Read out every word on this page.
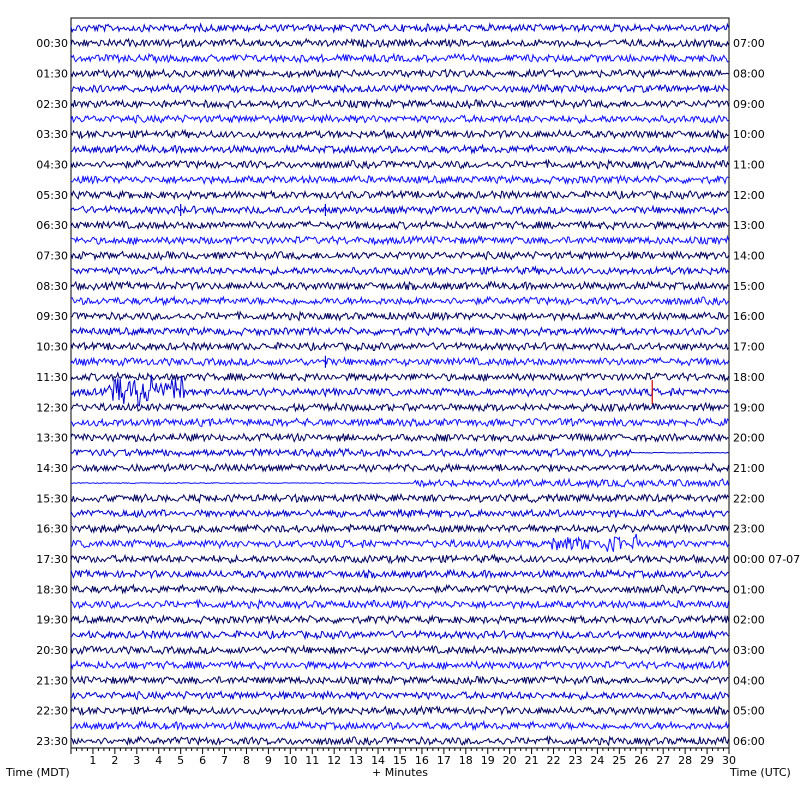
00:30
01:30
02:30
03:30
04:30
05:30
06:30
07:30
08:30
09:30
10:30
11:30
12:30
13:30
14:30
15:30
16:30
17:30
18:30
19:30
20:30
21:30
22:30
23:30
07:00
08:00
09:00
10:00
11:00
12:00
13:00
14:00
15:00
16:00
17:00
18:00
19:00
20:00
21:00
22:00
23:00
00:00 07-07
01:00
02:00
03:00
04:00
05:00
06:00
1 2 3 4 5 6 7 8 9 10 11 12 13 14 15 16 17 18 19 20 21 22 23 24 25 26 27 28 29 30
Time (MDT)	+ Minutes	Time (UTC)
